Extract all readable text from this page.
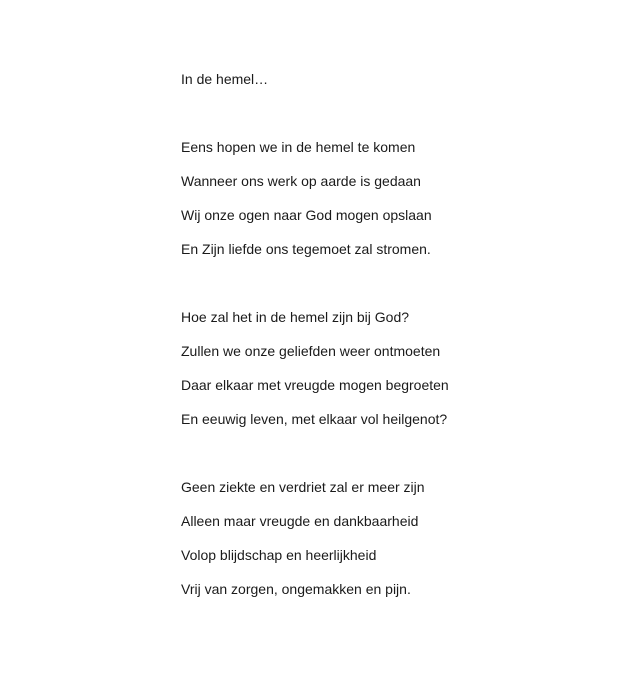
In de hemel…
Eens hopen we in de hemel te komen
Wanneer ons werk op aarde is gedaan
Wij onze ogen naar God mogen opslaan
En Zijn liefde ons tegemoet zal stromen.
Hoe zal het in de hemel zijn bij God?
Zullen we onze geliefden weer ontmoeten
Daar elkaar met vreugde mogen begroeten
En eeuwig leven, met elkaar vol heilgenot?
Geen ziekte en verdriet zal er meer zijn
Alleen maar vreugde en dankbaarheid
Volop blijdschap en heerlijkheid
Vrij van zorgen, ongemakken en pijn.
